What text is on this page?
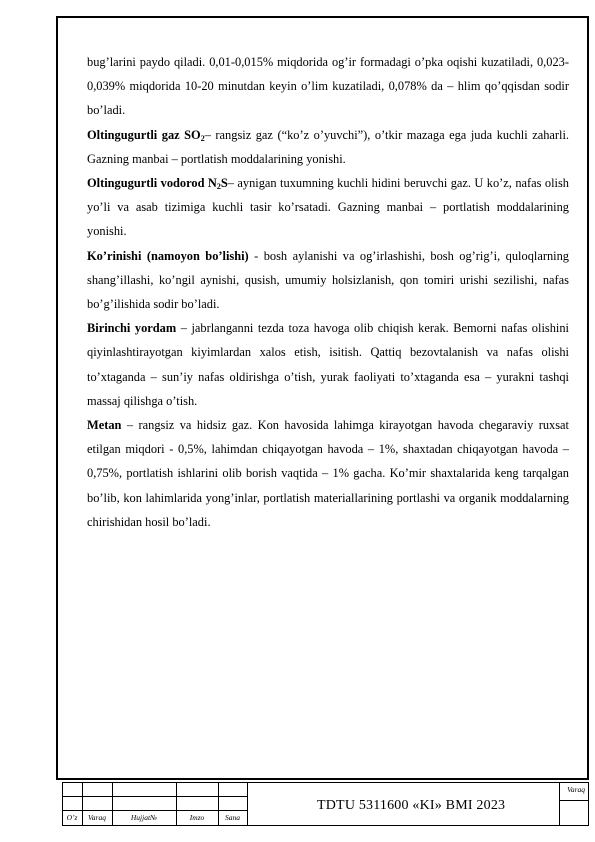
bug’larini paydo qiladi. 0,01-0,015% miqdorida og’ir formadagi o’pka oqishi kuzatiladi, 0,023-0,039% miqdorida 10-20 minutdan keyin o’lim kuzatiladi, 0,078% da – hlim qo’qqisdan sodir bo’ladi.

Oltingugurtli gaz $SO_2-$ rangsiz gaz (“ko’z o’yuvchi”), o’tkir mazaga ega juda kuchli zaharli. Gazning manbai – portlatish moddalarining yonishi.

Oltingugurtli vodorod $N_2S-$ aynigan tuxumning kuchli hidini beruvchi gaz. U ko’z, nafas olish yo’li va asab tizimiga kuchli tasir ko’rsatadi. Gazning manbai – portlatish moddalarining yonishi.

Ko’rinishi (namoyon bo’lishi) - bosh aylanishi va og’irlashishi, bosh og’rig’i, quloqlarning shang’illashi, ko’ngil aynishi, qusish, umumiy holsizlanish, qon tomiri urishi sezilishi, nafas bo’g’ilishida sodir bo’ladi.

Birinchi yordam – jabrlanganni tezda toza havoga olib chiqish kerak. Bemorni nafas olishini qiyinlashtirayotgan kiyimlardan xalos etish, isitish. Qattiq bezovtalanish va nafas olishi to’xtaganda – sun’iy nafas oldirishga o’tish, yurak faoliyati to’xtaganda esa – yurakni tashqi massaj qilishga o’tish.

Metan – rangsiz va hidsiz gaz. Kon havosida lahimga kirayotgan havoda chegaraviy ruxsat etilgan miqdori - 0,5%, lahimdan chiqayotgan havoda – 1%, shaxtadan chiqayotgan havoda – 0,75%, portlatish ishlarini olib borish vaqtida – 1% gacha. Ko’mir shaxtalarida keng tarqalgan bo’lib, kon lahimlarida yong’inlar, portlatish materiallarining portlashi va organik moddalarning chirishidan hosil bo’ladi.

O’z	Varaq	Hujjat№	Imzo	Sana
TDTU 5311600 «KI» BMI 2023
Varaq
